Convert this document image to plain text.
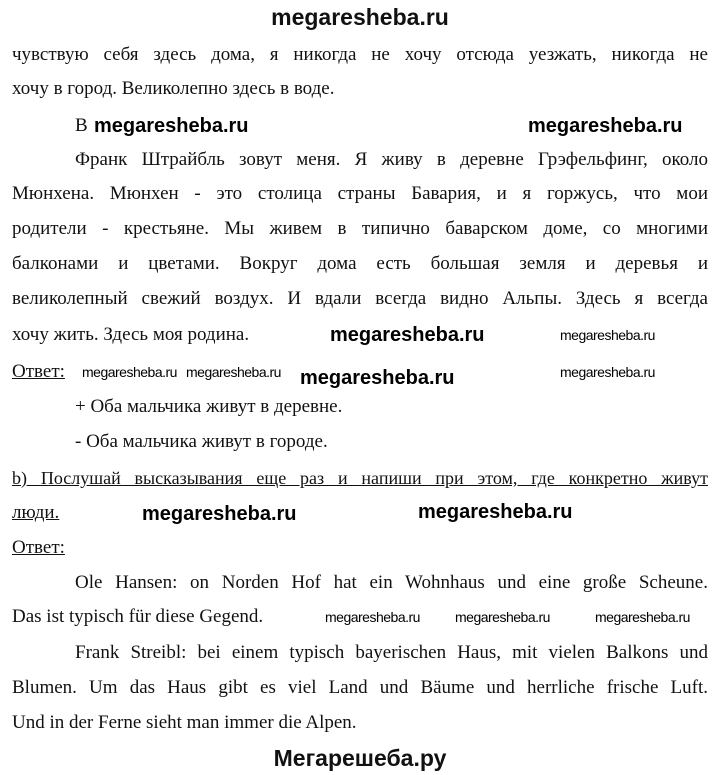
megaresheba.ru
чувствую себя здесь дома, я никогда не хочу отсюда уезжать, никогда не
хочу в город. Великолепно здесь в воде.
В
Франк Штрайбль зовут меня. Я живу в деревне Грэфельфинг, около
Мюнхена. Мюнхен - это столица страны Бавария, и я горжусь, что мои
родители - крестьяне. Мы живем в типично баварском доме, со многими
балконами и цветами. Вокруг дома есть большая земля и деревья и
великолепный свежий воздух. И вдали всегда видно Альпы. Здесь я всегда
хочу жить. Здесь моя родина.
Ответ:
+ Оба мальчика живут в деревне.
- Оба мальчика живут в городе.
b) Послушай высказывания еще раз и напиши при этом, где конкретно живут
люди.
Ответ:
Ole Hansen: on Norden Hof hat ein Wohnhaus und eine große Scheune.
Das ist typisch für diese Gegend.
Frank Streibl: bei einem typisch bayerischen Haus, mit vielen Balkons und
Blumen. Um das Haus gibt es viel Land und Bäume und herrliche frische Luft.
Und in der Ferne sieht man immer die Alpen.
megaresheba.ru	megaresheba.ru
megaresheba.ru	megaresheba.ru
megaresheba.ru megaresheba.ru megaresheba.ru	megaresheba.ru
megaresheba.ru	megaresheba.ru
megaresheba.ru	megaresheba.ru	megaresheba.ru
Мегарешеба.ру
